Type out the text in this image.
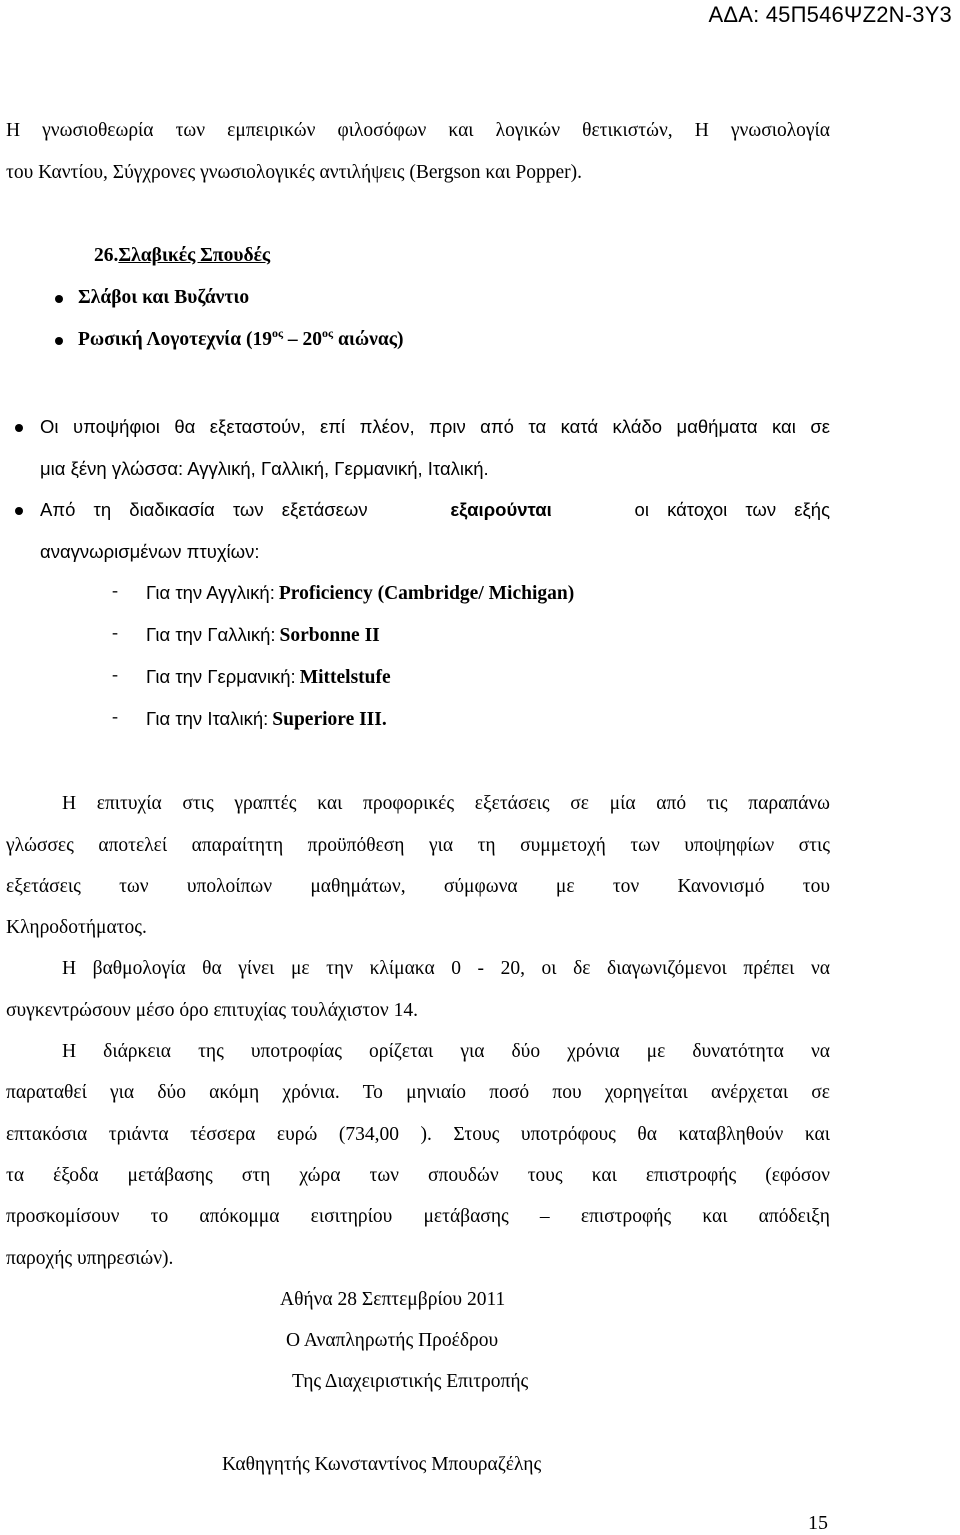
ΑΔΑ: 45Π546ΨΖ2Ν-3Υ3
Η γνωσιοθεωρία των εμπειρικών φιλοσόφων και λογικών θετικιστών, Η γνωσιολογία
του Καντίου, Σύγχρονες γνωσιολογικές αντιλήψεις (Bergson και Popper).
26.Σλαβικές Σπουδές
Σλάβοι και Βυζάντιο
Ρωσική Λογοτεχνία ($19^{o\varsigma} - 20^{o\varsigma}$ αιώνας)
Οι υποψήφιοι θα εξεταστούν, επί πλέον, πριν από τα κατά κλάδο μαθήματα και σε
μια ξένη γλώσσα: Αγγλική, Γαλλική, Γερμανική, Ιταλική.
Από τη διαδικασία των εξετάσεων	εξαιρούνται	οι κάτοχοι των εξής
αναγνωρισμένων πτυχίων:
- Για την Αγγλική: Proficiency (Cambridge/ Michigan)
- Για την Γαλλική: Sorbonne II
- Για την Γερμανική: Mittelstufe
- Για την Ιταλική: Superiore III.
Η επιτυχία στις γραπτές και προφορικές εξετάσεις σε μία από τις παραπάνω
γλώσσες αποτελεί απαραίτητη προϋπόθεση για τη συμμετοχή των υποψηφίων στις
εξετάσεις των υπολοίπων μαθημάτων, σύμφωνα με τον Κανονισμό του
Κληροδοτήματος.
Η βαθμολογία θα γίνει με την κλίμακα 0 - 20, οι δε διαγωνιζόμενοι πρέπει να
συγκεντρώσουν μέσο όρο επιτυχίας τουλάχιστον 14.
Η διάρκεια της υποτροφίας ορίζεται για δύο χρόνια με δυνατότητα να
παραταθεί για δύο ακόμη χρόνια. Το μηνιαίο ποσό που χορηγείται ανέρχεται σε
επτακόσια τριάντα τέσσερα ευρώ (734,00 ). Στους υποτρόφους θα καταβληθούν και
τα έξοδα μετάβασης στη χώρα των σπουδών τους και επιστροφής (εφόσον
προσκομίσουν το απόκομμα εισιτηρίου μετάβασης – επιστροφής και απόδειξη
παροχής υπηρεσιών).
Αθήνα 28 Σεπτεμβρίου 2011
Ο Αναπληρωτής Προέδρου
Της Διαχειριστικής Επιτροπής
Καθηγητής Κωνσταντίνος Μπουραζέλης
15
